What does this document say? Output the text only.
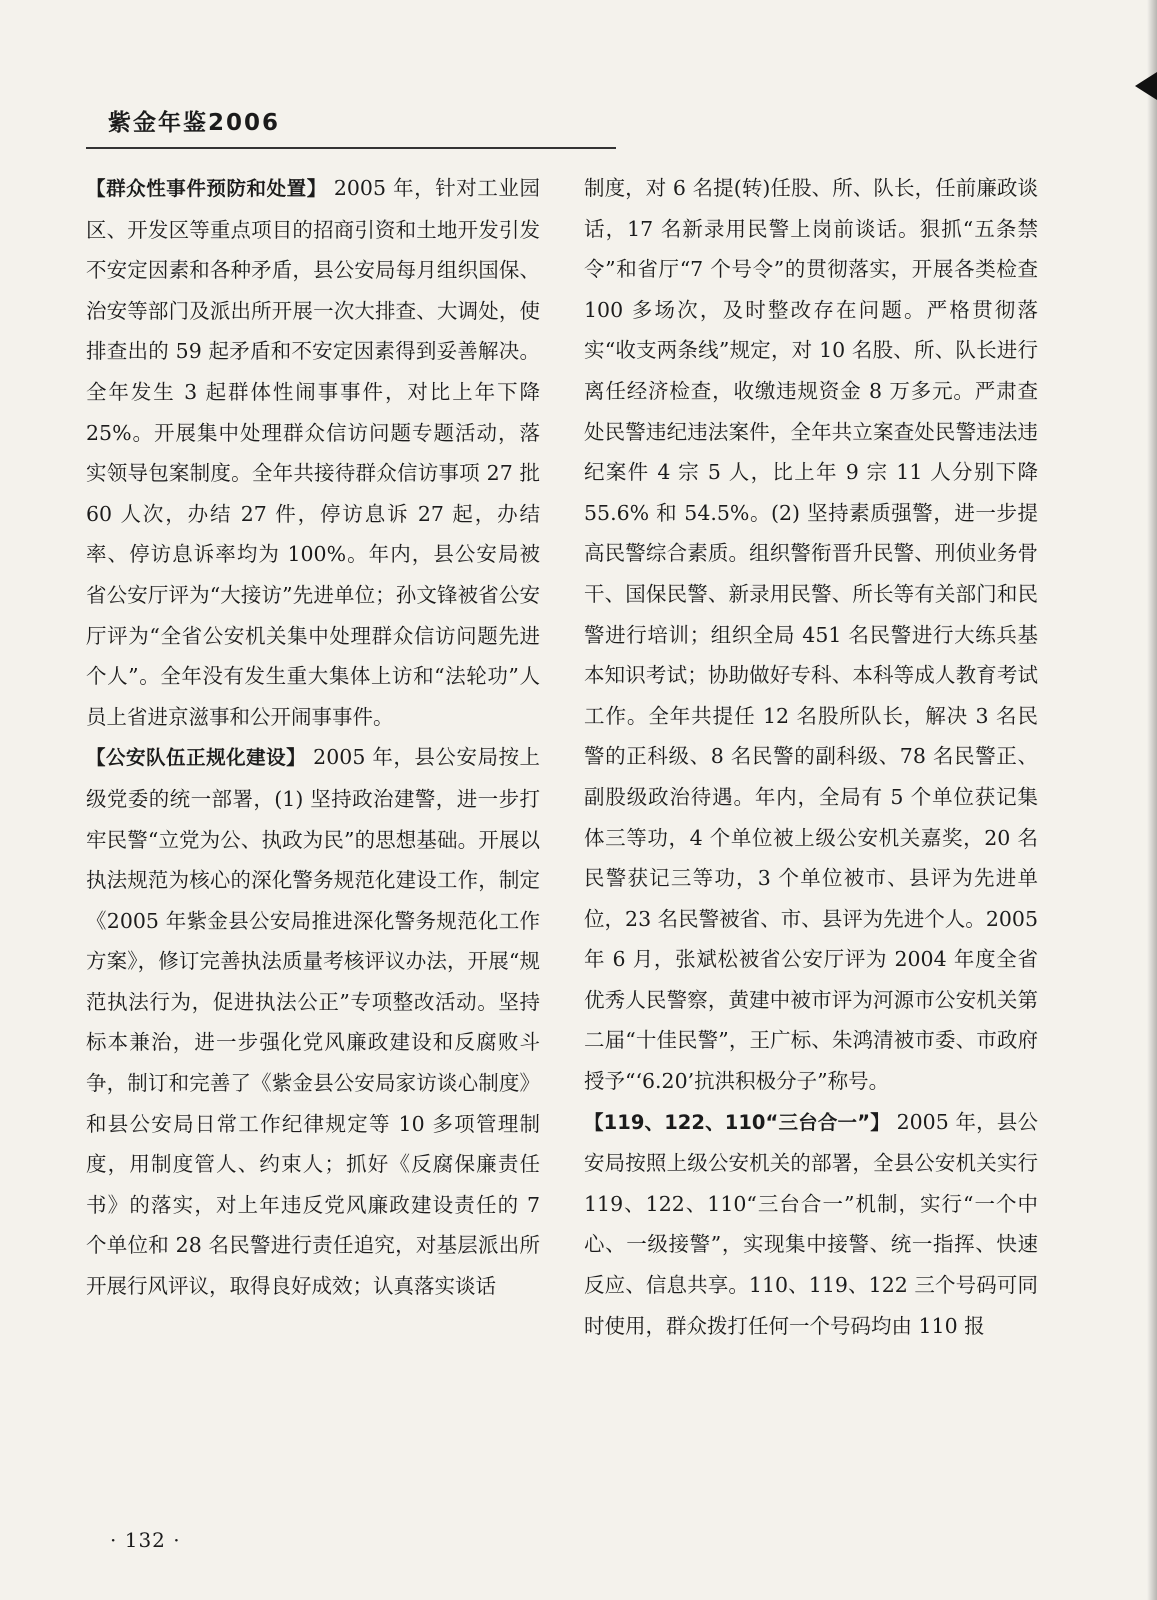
紫金年鉴2006

【群众性事件预防和处置】 2005 年，针对工业园区、开发区等重点项目的招商引资和土地开发引发不安定因素和各种矛盾，县公安局每月组织国保、治安等部门及派出所开展一次大排查、大调处，使排查出的 59 起矛盾和不安定因素得到妥善解决。全年发生 3 起群体性闹事事件，对比上年下降 25%。开展集中处理群众信访问题专题活动，落实领导包案制度。全年共接待群众信访事项 27 批 60 人次，办结 27 件，停访息诉 27 起，办结率、停访息诉率均为 100%。年内，县公安局被省公安厅评为“大接访”先进单位；孙文锋被省公安厅评为“全省公安机关集中处理群众信访问题先进个人”。全年没有发生重大集体上访和“法轮功”人员上省进京滋事和公开闹事事件。

【公安队伍正规化建设】 2005 年，县公安局按上级党委的统一部署，(1) 坚持政治建警，进一步打牢民警“立党为公、执政为民”的思想基础。开展以执法规范为核心的深化警务规范化建设工作，制定《2005 年紫金县公安局推进深化警务规范化工作方案》，修订完善执法质量考核评议办法，开展“规范执法行为，促进执法公正”专项整改活动。坚持标本兼治，进一步强化党风廉政建设和反腐败斗争，制订和完善了《紫金县公安局家访谈心制度》和县公安局日常工作纪律规定等 10 多项管理制度，用制度管人、约束人；抓好《反腐保廉责任书》的落实，对上年违反党风廉政建设责任的 7 个单位和 28 名民警进行责任追究，对基层派出所开展行风评议，取得良好成效；认真落实谈话

制度，对 6 名提(转)任股、所、队长，任前廉政谈话，17 名新录用民警上岗前谈话。狠抓“五条禁令”和省厅“7 个号令”的贯彻落实，开展各类检查 100 多场次，及时整改存在问题。严格贯彻落实“收支两条线”规定，对 10 名股、所、队长进行离任经济检查，收缴违规资金 8 万多元。严肃查处民警违纪违法案件，全年共立案查处民警违法违纪案件 4 宗 5 人，比上年 9 宗 11 人分别下降 55.6% 和 54.5%。(2) 坚持素质强警，进一步提高民警综合素质。组织警衔晋升民警、刑侦业务骨干、国保民警、新录用民警、所长等有关部门和民警进行培训；组织全局 451 名民警进行大练兵基本知识考试；协助做好专科、本科等成人教育考试工作。全年共提任 12 名股所队长，解决 3 名民警的正科级、8 名民警的副科级、78 名民警正、副股级政治待遇。年内，全局有 5 个单位获记集体三等功，4 个单位被上级公安机关嘉奖，20 名民警获记三等功，3 个单位被市、县评为先进单位，23 名民警被省、市、县评为先进个人。2005 年 6 月，张斌松被省公安厅评为 2004 年度全省优秀人民警察，黄建中被市评为河源市公安机关第二届“十佳民警”，王广标、朱鸿清被市委、市政府授予“‘6.20’抗洪积极分子”称号。

【119、122、110“三台合一”】 2005 年，县公安局按照上级公安机关的部署，全县公安机关实行 119、122、110“三台合一”机制，实行“一个中心、一级接警”，实现集中接警、统一指挥、快速反应、信息共享。110、119、122 三个号码可同时使用，群众拨打任何一个号码均由 110 报

· 132 ·
